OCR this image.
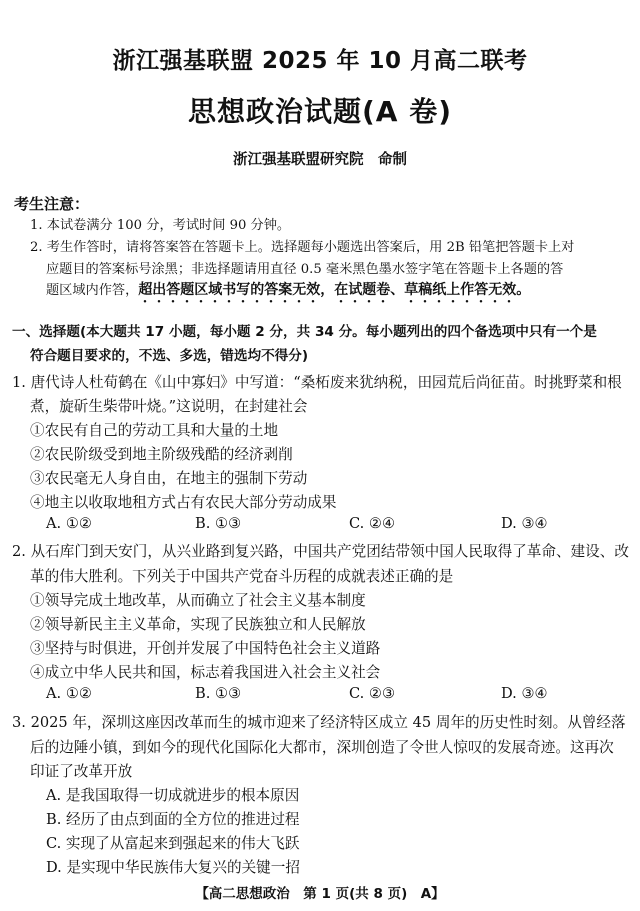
浙江强基联盟 2025 年 10 月高二联考
思想政治试题(A 卷)
浙江强基联盟研究院　命制
考生注意：
1. 本试卷满分 100 分，考试时间 90 分钟。
2. 考生作答时，请将答案答在答题卡上。选择题每小题选出答案后，用 2B 铅笔把答题卡上对
应题目的答案标号涂黑；非选择题请用直径 0.5 毫米黑色墨水签字笔在答题卡上各题的答
题区域内作答，超出答题区域书写的答案无效，在试题卷、草稿纸上作答无效。
一、选择题(本大题共 17 小题，每小题 2 分，共 34 分。每小题列出的四个备选项中只有一个是
符合题目要求的，不选、多选，错选均不得分)
1. 唐代诗人杜荀鹤在《山中寡妇》中写道：“桑柘废来犹纳税，田园荒后尚征苗。时挑野菜和根
煮，旋斫生柴带叶烧。”这说明，在封建社会
①农民有自己的劳动工具和大量的土地
②农民阶级受到地主阶级残酷的经济剥削
③农民毫无人身自由，在地主的强制下劳动
④地主以收取地租方式占有农民大部分劳动成果
A. ①②	B. ①③	C. ②④	D. ③④
2. 从石库门到天安门，从兴业路到复兴路，中国共产党团结带领中国人民取得了革命、建设、改
革的伟大胜利。下列关于中国共产党奋斗历程的成就表述正确的是
①领导完成土地改革，从而确立了社会主义基本制度
②领导新民主主义革命，实现了民族独立和人民解放
③坚持与时俱进，开创并发展了中国特色社会主义道路
④成立中华人民共和国，标志着我国进入社会主义社会
A. ①②	B. ①③	C. ②③	D. ③④
3. 2025 年，深圳这座因改革而生的城市迎来了经济特区成立 45 周年的历史性时刻。从曾经落
后的边陲小镇，到如今的现代化国际化大都市，深圳创造了令世人惊叹的发展奇迹。这再次
印证了改革开放
A. 是我国取得一切成就进步的根本原因
B. 经历了由点到面的全方位的推进过程
C. 实现了从富起来到强起来的伟大飞跃
D. 是实现中华民族伟大复兴的关键一招
【高二思想政治　第 1 页(共 8 页)　A】
